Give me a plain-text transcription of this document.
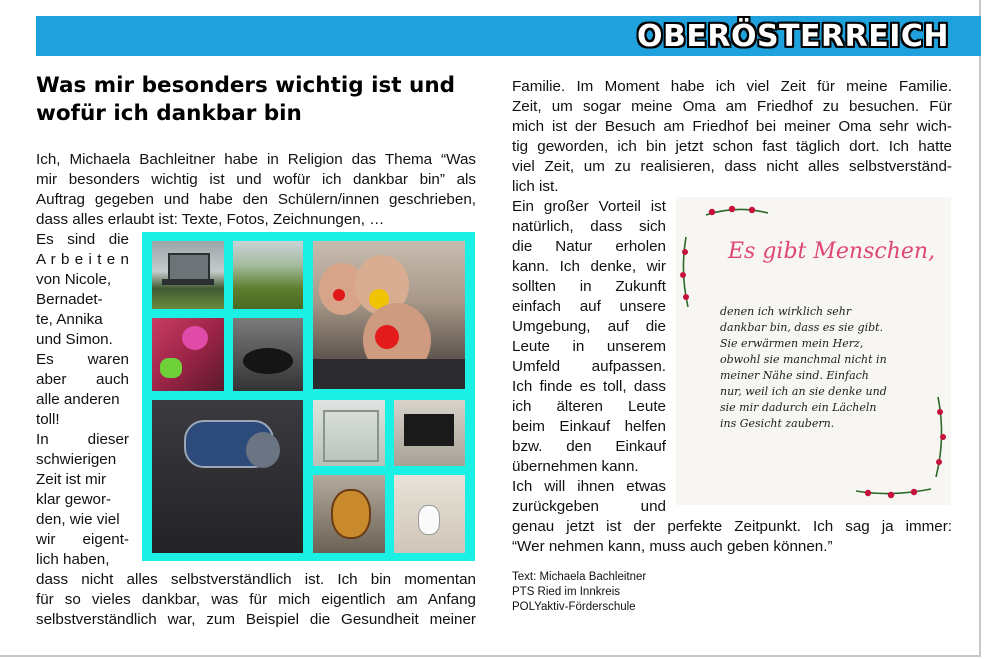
OBERÖSTERREICH
Was mir besonders wichtig ist und
wofür ich dankbar bin
Ich, Michaela Bachleitner habe in Religion das Thema “Was
mir besonders wichtig ist und wofür ich dankbar bin” als
Auftrag gegeben und habe den Schülern/innen geschrieben,
dass alles erlaubt ist: Texte, Fotos, Zeichnungen, …
Es sind die
A r b e i t e n
von Nicole,
Bernadet-
te, Annika
und Simon.
Es waren
aber auch
alle anderen
toll!
In dieser
schwierigen
Zeit ist mir
klar gewor-
den, wie viel
wir eigent-
lich haben,
dass nicht alles selbstverständlich ist. Ich bin momentan
für so vieles dankbar, was für mich eigentlich am Anfang
selbstverständlich war, zum Beispiel die Gesundheit meiner
Familie. Im Moment habe ich viel Zeit für meine Familie.
Zeit, um sogar meine Oma am Friedhof zu besuchen. Für
mich ist der Besuch am Friedhof bei meiner Oma sehr wich-
tig geworden, ich bin jetzt schon fast täglich dort. Ich hatte
viel Zeit, um zu realisieren, dass nicht alles selbstverständ-
lich ist.
Ein großer Vorteil ist
natürlich, dass sich
die Natur erholen
kann. Ich denke, wir
sollten in Zukunft
einfach auf unsere
Umgebung, auf die
Leute in unserem
Umfeld aufpassen.
Ich finde es toll, dass
ich älteren Leute
beim Einkauf helfen
bzw. den Einkauf
übernehmen kann.
Ich will ihnen etwas
zurückgeben und
genau jetzt ist der perfekte Zeitpunkt. Ich sag ja immer:
“Wer nehmen kann, muss auch geben können.”
Text: Michaela Bachleitner
PTS Ried im Innkreis
POLYaktiv-Förderschule
Es gibt Menschen,
denen ich wirklich sehr
dankbar bin, dass es sie gibt.
Sie erwärmen mein Herz,
obwohl sie manchmal nicht in
meiner Nähe sind. Einfach
nur, weil ich an sie denke und
sie mir dadurch ein Lächeln
ins Gesicht zaubern.
